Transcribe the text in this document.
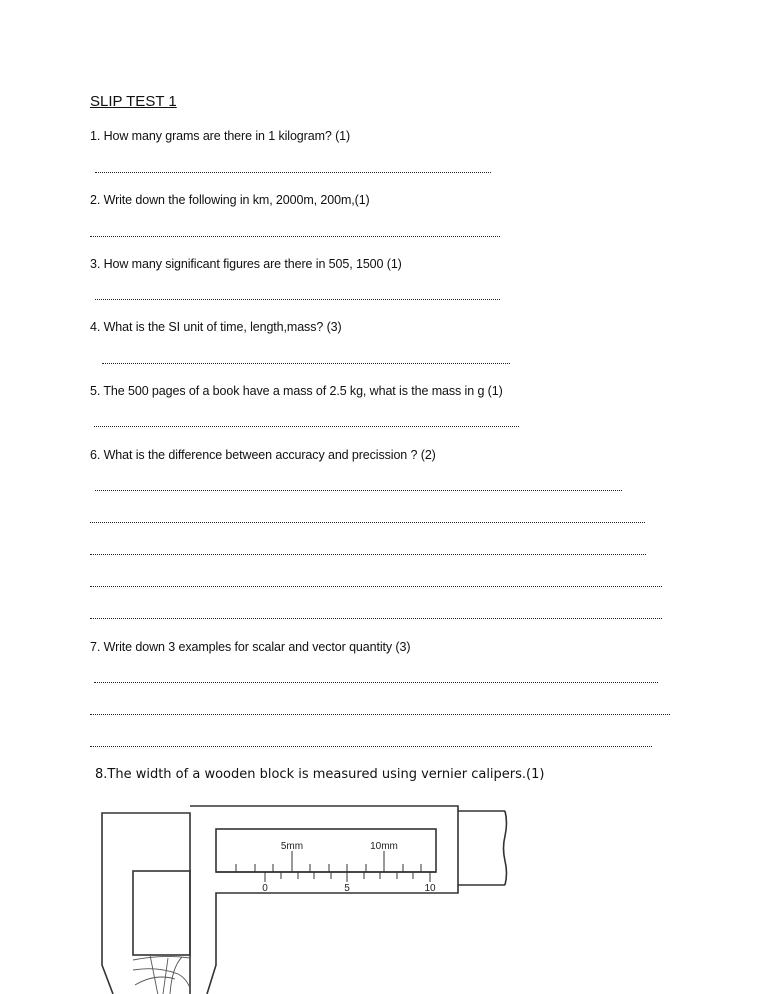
SLIP TEST 1
1. How many grams are there in 1 kilogram? (1)
2. Write down the following in km, 2000m, 200m,(1)
3. How many significant figures are there in 505, 1500 (1)
4. What is the SI unit of time, length,mass? (3)
5. The 500 pages of a book have a mass of 2.5 kg, what is the mass in g (1)
6. What is the difference between accuracy and precission ? (2)
7. Write down 3 examples for scalar and vector quantity (3)
8.The width of a wooden block is measured using vernier calipers.(1)
5mm	10mm
0	5	10
